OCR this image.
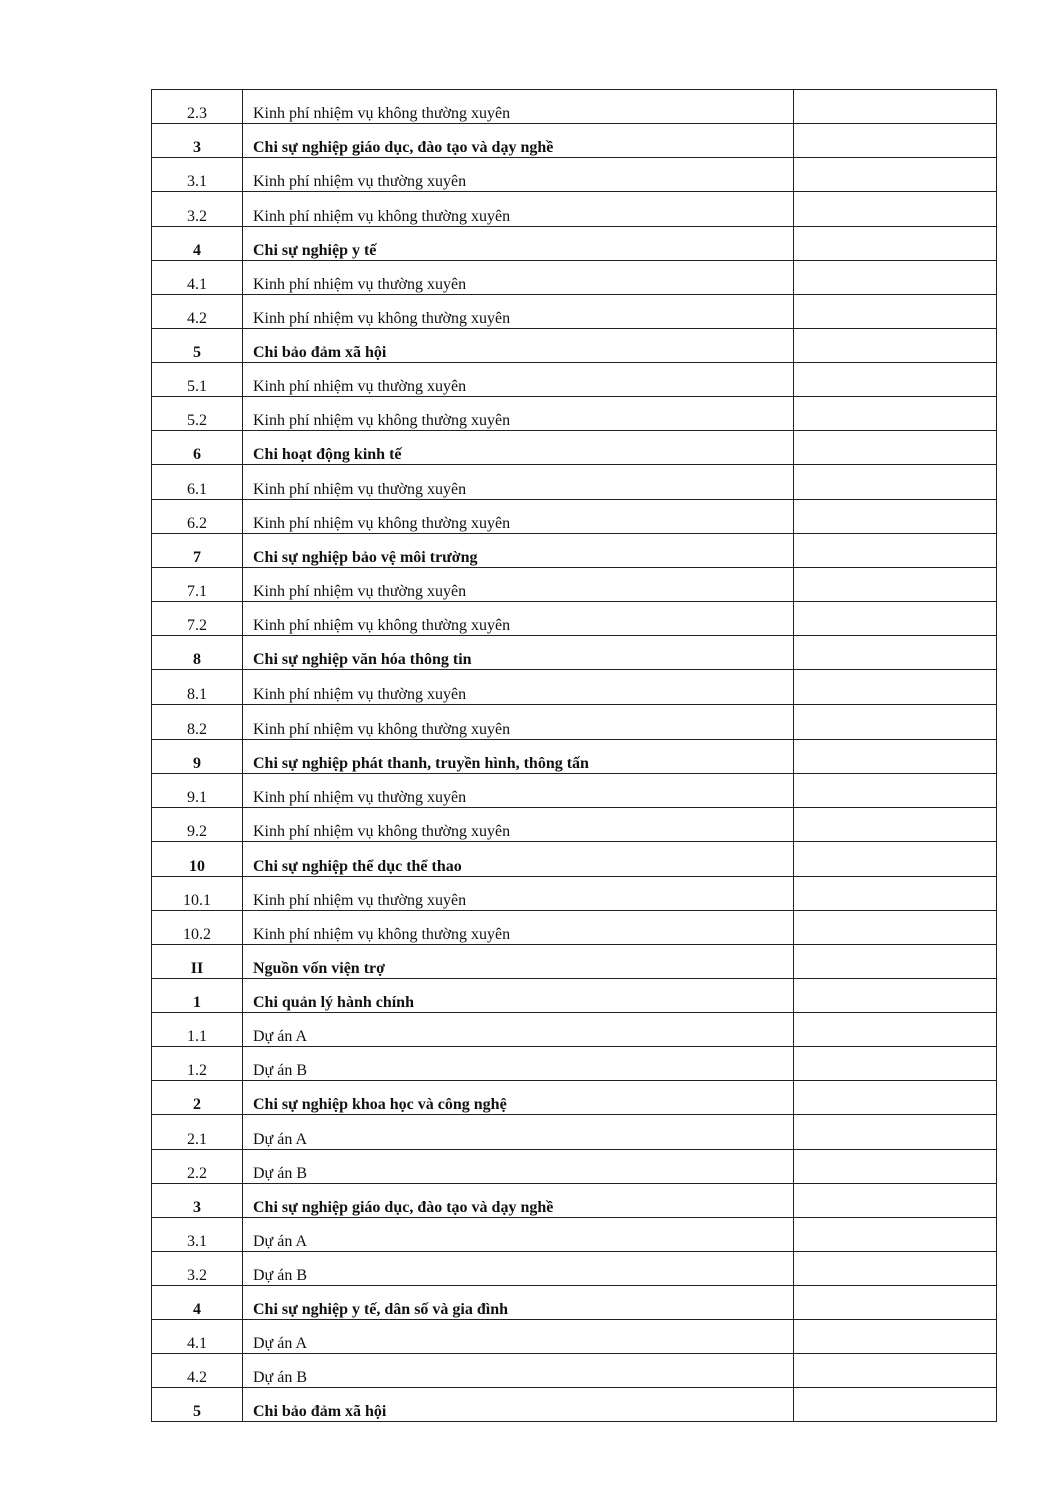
2.3	Kinh phí nhiệm vụ không thường xuyên	
3	Chi sự nghiệp giáo dục, đào tạo và dạy nghề	
3.1	Kinh phí nhiệm vụ thường xuyên	
3.2	Kinh phí nhiệm vụ không thường xuyên	
4	Chi sự nghiệp y tế	
4.1	Kinh phí nhiệm vụ thường xuyên	
4.2	Kinh phí nhiệm vụ không thường xuyên	
5	Chi bảo đảm xã hội	
5.1	Kinh phí nhiệm vụ thường xuyên	
5.2	Kinh phí nhiệm vụ không thường xuyên	
6	Chi hoạt động kinh tế	
6.1	Kinh phí nhiệm vụ thường xuyên	
6.2	Kinh phí nhiệm vụ không thường xuyên	
7	Chi sự nghiệp bảo vệ môi trường	
7.1	Kinh phí nhiệm vụ thường xuyên	
7.2	Kinh phí nhiệm vụ không thường xuyên	
8	Chi sự nghiệp văn hóa thông tin	
8.1	Kinh phí nhiệm vụ thường xuyên	
8.2	Kinh phí nhiệm vụ không thường xuyên	
9	Chi sự nghiệp phát thanh, truyền hình, thông tấn	
9.1	Kinh phí nhiệm vụ thường xuyên	
9.2	Kinh phí nhiệm vụ không thường xuyên	
10	Chi sự nghiệp thể dục thể thao	
10.1	Kinh phí nhiệm vụ thường xuyên	
10.2	Kinh phí nhiệm vụ không thường xuyên	
II	Nguồn vốn viện trợ	
1	Chi quản lý hành chính	
1.1	Dự án A	
1.2	Dự án B	
2	Chi sự nghiệp khoa học và công nghệ	
2.1	Dự án A	
2.2	Dự án B	
3	Chi sự nghiệp giáo dục, đào tạo và dạy nghề	
3.1	Dự án A	
3.2	Dự án B	
4	Chi sự nghiệp y tế, dân số và gia đình	
4.1	Dự án A	
4.2	Dự án B	
5	Chi bảo đảm xã hội	
